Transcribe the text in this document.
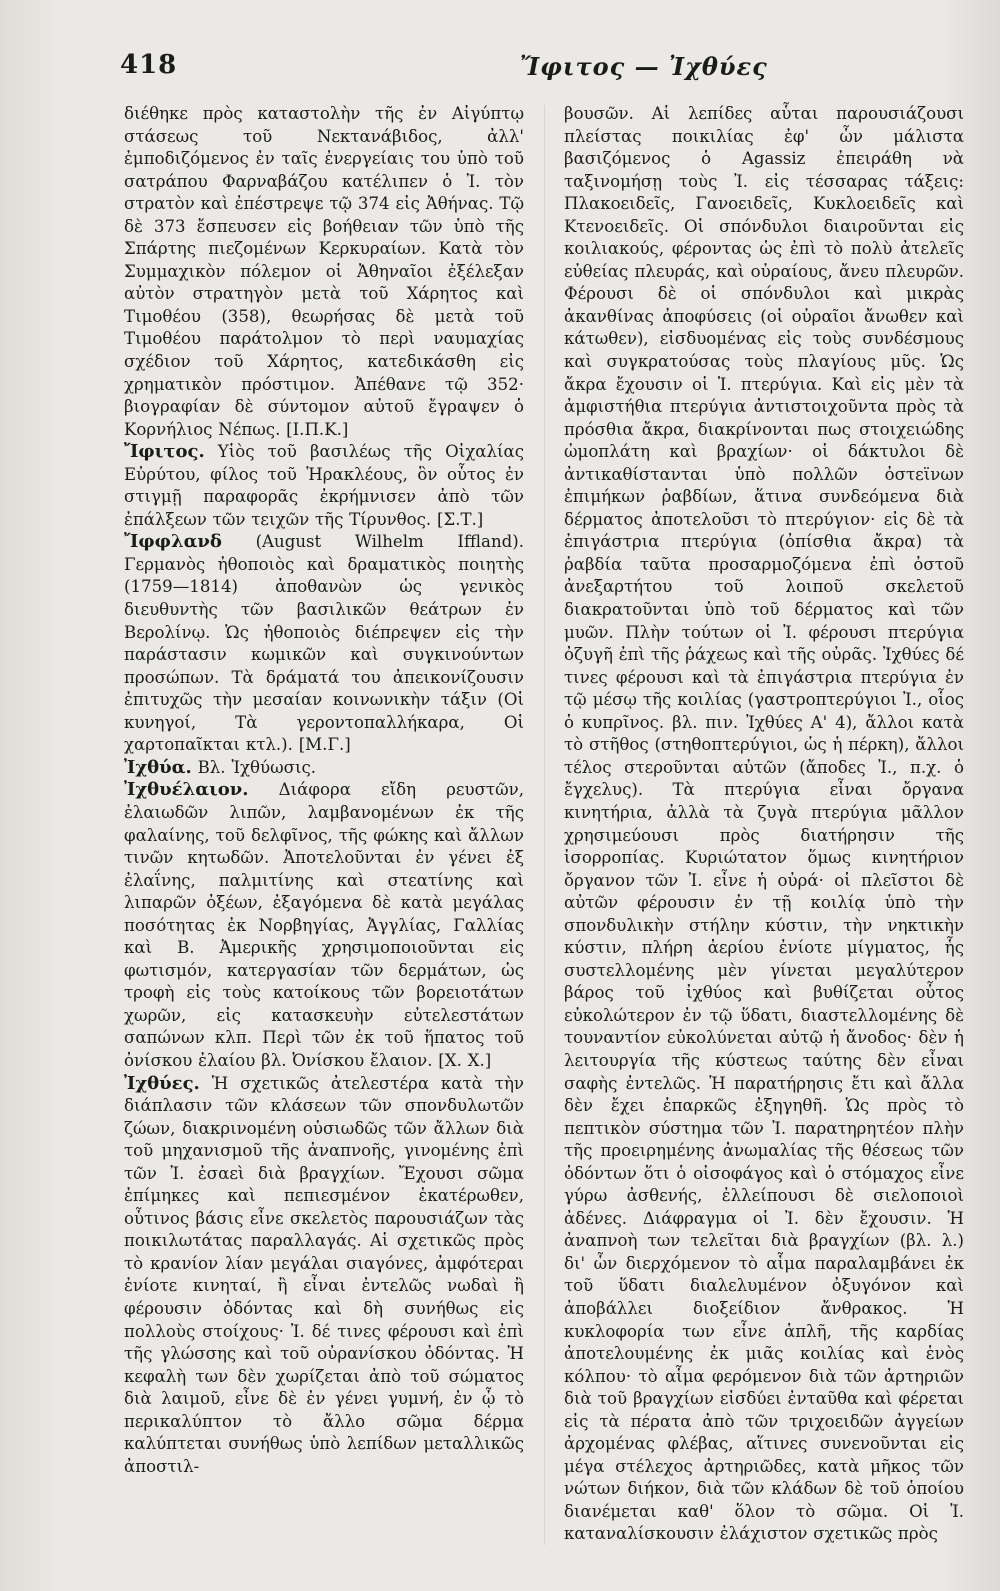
418	Ἴφιτος — Ἰχθύες

διέθηκε πρὸς καταστολὴν τῆς ἐν Αἰγύπτῳ στάσεως τοῦ Νεκτανάβιδος, ἀλλ' ἐμποδιζόμενος ἐν ταῖς ἐνεργείαις του ὑπὸ τοῦ σατράπου Φαρναβάζου κατέλιπεν ὁ Ἰ. τὸν στρατὸν καὶ ἐπέστρεψε τῷ 374 εἰς Ἀθήνας. Τῷ δὲ 373 ἔσπευσεν εἰς βοήθειαν τῶν ὑπὸ τῆς Σπάρτης πιεζομένων Κερκυραίων. Κατὰ τὸν Συμμαχικὸν πόλεμον οἱ Ἀθηναῖοι ἐξέλεξαν αὐτὸν στρατηγὸν μετὰ τοῦ Χάρητος καὶ Τιμοθέου (358), θεωρήσας δὲ μετὰ τοῦ Τιμοθέου παράτολμον τὸ περὶ ναυμαχίας σχέδιον τοῦ Χάρητος, κατεδικάσθη εἰς χρηματικὸν πρόστιμον. Ἀπέθανε τῷ 352· βιογραφίαν δὲ σύντομον αὐτοῦ ἔγραψεν ὁ Κορνήλιος Νέπως. [Ι.Π.Κ.]

Ἴφιτος. Υἱὸς τοῦ βασιλέως τῆς Οἰχαλίας Εὐρύτου, φίλος τοῦ Ἡρακλέους, ὃν οὗτος ἐν στιγμῇ παραφορᾶς ἐκρήμνισεν ἀπὸ τῶν ἐπάλξεων τῶν τειχῶν τῆς Τίρυνθος. [Σ.Τ.]

Ἴφφλανδ (August Wilhelm Iffland). Γερμανὸς ἠθοποιὸς καὶ δραματικὸς ποιητὴς (1759—1814) ἀποθανὼν ὡς γενικὸς διευθυντὴς τῶν βασιλικῶν θεάτρων ἐν Βερολίνῳ. Ὡς ἠθοποιὸς διέπρεψεν εἰς τὴν παράστασιν κωμικῶν καὶ συγκινούντων προσώπων. Τὰ δράματά του ἀπεικονίζουσιν ἐπιτυχῶς τὴν μεσαίαν κοινωνικὴν τάξιν (Οἱ κυνηγοί, Τὰ γεροντοπαλλήκαρα, Οἱ χαρτοπαῖκται κτλ.). [Μ.Γ.]

Ἰχθύα. Βλ. Ἰχθύωσις.

Ἰχθυέλαιον. Διάφορα εἴδη ρευστῶν, ἐλαιωδῶν λιπῶν, λαμβανομένων ἐκ τῆς φαλαίνης, τοῦ δελφῖνος, τῆς φώκης καὶ ἄλλων τινῶν κητωδῶν. Ἀποτελοῦνται ἐν γένει ἐξ ἐλαΐνης, παλμιτίνης καὶ στεατίνης καὶ λιπαρῶν ὀξέων, ἐξαγόμενα δὲ κατὰ μεγάλας ποσότητας ἐκ Νορβηγίας, Ἀγγλίας, Γαλλίας καὶ Β. Ἀμερικῆς χρησιμοποιοῦνται εἰς φωτισμόν, κατεργασίαν τῶν δερμάτων, ὡς τροφὴ εἰς τοὺς κατοίκους τῶν βορειοτάτων χωρῶν, εἰς κατασκευὴν εὐτελεστάτων σαπώνων κλπ. Περὶ τῶν ἐκ τοῦ ἥπατος τοῦ ὀνίσκου ἐλαίου βλ. Ὀνίσκου ἔλαιον. [Χ. Χ.]

Ἰχθύες. Ἡ σχετικῶς ἀτελεστέρα κατὰ τὴν διάπλασιν τῶν κλάσεων τῶν σπονδυλωτῶν ζώων, διακρινομένη οὐσιωδῶς τῶν ἄλλων διὰ τοῦ μηχανισμοῦ τῆς ἀναπνοῆς, γινομένης ἐπὶ τῶν Ἰ. ἐσαεὶ διὰ βραγχίων. Ἔχουσι σῶμα ἐπίμηκες καὶ πεπιεσμένον ἑκατέρωθεν, οὗτινος βάσις εἶνε σκελετὸς παρουσιάζων τὰς ποικιλωτάτας παραλλαγάς. Αἱ σχετικῶς πρὸς τὸ κρανίον λίαν μεγάλαι σιαγόνες, ἀμφότεραι ἐνίοτε κινηταί, ἢ εἶναι ἐντελῶς νωδαὶ ἢ φέρουσιν ὀδόντας καὶ δὴ συνήθως εἰς πολλοὺς στοίχους· Ἰ. δέ τινες φέρουσι καὶ ἐπὶ τῆς γλώσσης καὶ τοῦ οὐρανίσκου ὀδόντας. Ἡ κεφαλὴ των δὲν χωρίζεται ἀπὸ τοῦ σώματος διὰ λαιμοῦ, εἶνε δὲ ἐν γένει γυμνή, ἐν ᾧ τὸ περικαλύπτον τὸ ἄλλο σῶμα δέρμα καλύπτεται συνήθως ὑπὸ λεπίδων μεταλλικῶς ἀποστιλ-

βουσῶν. Αἱ λεπίδες αὗται παρουσιάζουσι πλείστας ποικιλίας ἐφ' ὧν μάλιστα βασιζόμενος ὁ Agassiz ἐπειράθη νὰ ταξινομήσῃ τοὺς Ἰ. εἰς τέσσαρας τάξεις: Πλακοειδεῖς, Γανοειδεῖς, Κυκλοειδεῖς καὶ Κτενοειδεῖς. Οἱ σπόνδυλοι διαιροῦνται εἰς κοιλιακούς, φέροντας ὡς ἐπὶ τὸ πολὺ ἀτελεῖς εὐθείας πλευράς, καὶ οὐραίους, ἄνευ πλευρῶν. Φέρουσι δὲ οἱ σπόνδυλοι καὶ μικρὰς ἀκανθίνας ἀποφύσεις (οἱ οὐραῖοι ἄνωθεν καὶ κάτωθεν), εἰσδυομένας εἰς τοὺς συνδέσμους καὶ συγκρατούσας τοὺς πλαγίους μῦς. Ὡς ἄκρα ἔχουσιν οἱ Ἰ. πτερύγια. Καὶ εἰς μὲν τὰ ἀμφιστήθια πτερύγια ἀντιστοιχοῦντα πρὸς τὰ πρόσθια ἄκρα, διακρίνονται πως στοιχειώδης ὠμοπλάτη καὶ βραχίων· οἱ δάκτυλοι δὲ ἀντικαθίστανται ὑπὸ πολλῶν ὀστεϊνων ἐπιμήκων ῥαβδίων, ἅτινα συνδεόμενα διὰ δέρματος ἀποτελοῦσι τὸ πτερύγιον· εἰς δὲ τὰ ἐπιγάστρια πτερύγια (ὀπίσθια ἄκρα) τὰ ῥαβδία ταῦτα προσαρμοζόμενα ἐπὶ ὀστοῦ ἀνεξαρτήτου τοῦ λοιποῦ σκελετοῦ διακρατοῦνται ὑπὸ τοῦ δέρματος καὶ τῶν μυῶν. Πλὴν τούτων οἱ Ἰ. φέρουσι πτερύγια ὀζυγῆ ἐπὶ τῆς ῥάχεως καὶ τῆς οὐρᾶς. Ἰχθύες δέ τινες φέρουσι καὶ τὰ ἐπιγάστρια πτερύγια ἐν τῷ μέσῳ τῆς κοιλίας (γαστροπτερύγιοι Ἰ., οἷος ὁ κυπρῖνος. βλ. πιν. Ἰχθύες Α' 4), ἄλλοι κατὰ τὸ στῆθος (στηθοπτερύγιοι, ὡς ἡ πέρκη), ἄλλοι τέλος στεροῦνται αὐτῶν (ἄποδες Ἰ., π.χ. ὁ ἔγχελυς). Τὰ πτερύγια εἶναι ὄργανα κινητήρια, ἀλλὰ τὰ ζυγὰ πτερύγια μᾶλλον χρησιμεύουσι πρὸς διατήρησιν τῆς ἰσορροπίας. Κυριώτατον ὅμως κινητήριον ὄργανον τῶν Ἰ. εἶνε ἡ οὐρά· οἱ πλεῖστοι δὲ αὐτῶν φέρουσιν ἐν τῇ κοιλίᾳ ὑπὸ τὴν σπονδυλικὴν στήλην κύστιν, τὴν νηκτικὴν κύστιν, πλήρη ἀερίου ἐνίοτε μίγματος, ἧς συστελλομένης μὲν γίνεται μεγαλύτερον βάρος τοῦ ἰχθύος καὶ βυθίζεται οὗτος εὐκολώτερον ἐν τῷ ὕδατι, διαστελλομένης δὲ τουναντίον εὐκολύνεται αὐτῷ ἡ ἄνοδος· δὲν ἡ λειτουργία τῆς κύστεως ταύτης δὲν εἶναι σαφὴς ἐντελῶς. Ἡ παρατήρησις ἔτι καὶ ἄλλα δὲν ἔχει ἐπαρκῶς ἐξηγηθῆ. Ὡς πρὸς τὸ πεπτικὸν σύστημα τῶν Ἰ. παρατηρητέον πλὴν τῆς προειρημένης ἀνωμαλίας τῆς θέσεως τῶν ὀδόντων ὅτι ὁ οἰσοφάγος καὶ ὁ στόμαχος εἶνε γύρω ἀσθενής, ἐλλείπουσι δὲ σιελοποιοὶ ἀδένες. Διάφραγμα οἱ Ἰ. δὲν ἔχουσιν. Ἡ ἀναπνοὴ των τελεῖται διὰ βραγχίων (βλ. λ.) δι' ὧν διερχόμενον τὸ αἷμα παραλαμβάνει ἐκ τοῦ ὕδατι διαλελυμένον ὀξυγόνον καὶ ἀποβάλλει διοξείδιον ἄνθρακος. Ἡ κυκλοφορία των εἶνε ἁπλῆ, τῆς καρδίας ἀποτελουμένης ἐκ μιᾶς κοιλίας καὶ ἑνὸς κόλπου· τὸ αἷμα φερόμενον διὰ τῶν ἀρτηριῶν διὰ τοῦ βραγχίων εἰσδύει ἐνταῦθα καὶ φέρεται εἰς τὰ πέρατα ἀπὸ τῶν τριχοειδῶν ἀγγείων ἀρχομένας φλέβας, αἵτινες συνενοῦνται εἰς μέγα στέλεχος ἀρτηριῶδες, κατὰ μῆκος τῶν νώτων διήκον, διὰ τῶν κλάδων δὲ τοῦ ὁποίου διανέμεται καθ' ὅλον τὸ σῶμα. Οἱ Ἰ. καταναλίσκουσιν ἐλάχιστον σχετικῶς πρὸς
